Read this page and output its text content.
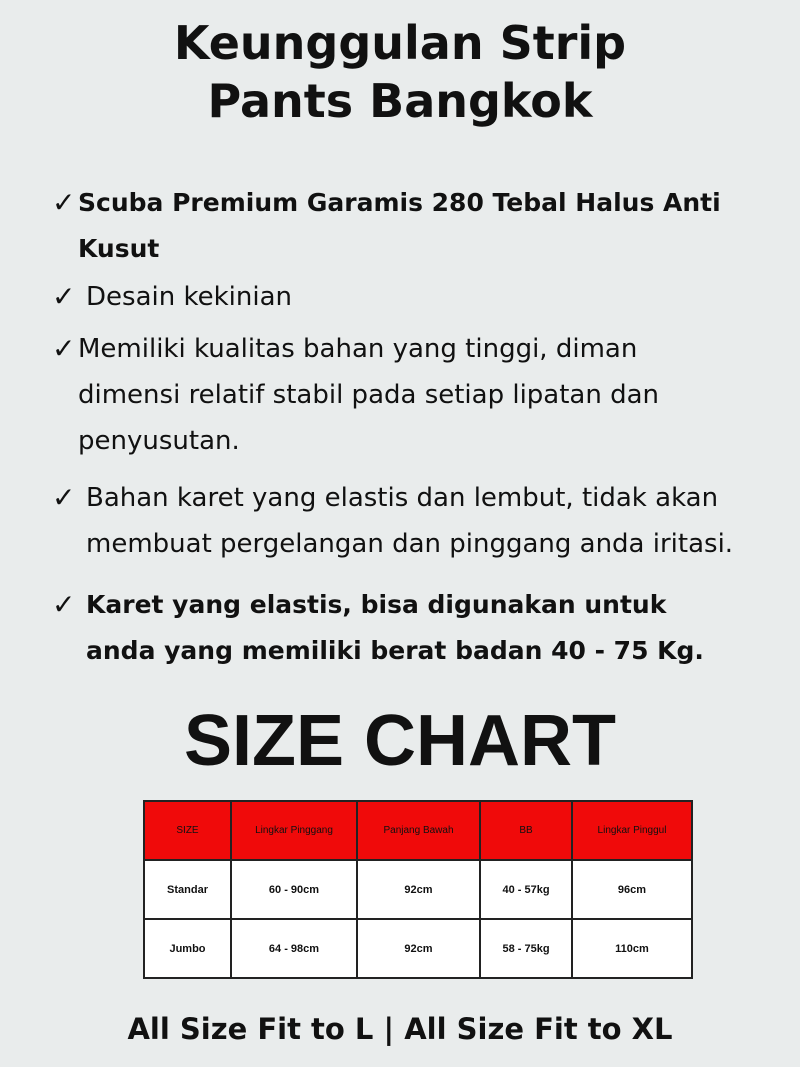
Keunggulan Strip
Pants Bangkok
✓ Scuba Premium Garamis 280 Tebal Halus Anti
Kusut
✓ Desain kekinian
✓ Memiliki kualitas bahan yang tinggi, diman
dimensi relatif stabil pada setiap lipatan dan
penyusutan.
✓ Bahan karet yang elastis dan lembut, tidak akan
membuat pergelangan dan pinggang anda iritasi.
✓ Karet yang elastis, bisa digunakan untuk
anda yang memiliki berat badan 40 - 75 Kg.
SIZE CHART
SIZE	Lingkar Pinggang	Panjang Bawah	BB	Lingkar Pinggul
Standar	60 - 90cm	92cm	40 - 57kg	96cm
Jumbo	64 - 98cm	92cm	58 - 75kg	110cm

All Size Fit to L | All Size Fit to XL
